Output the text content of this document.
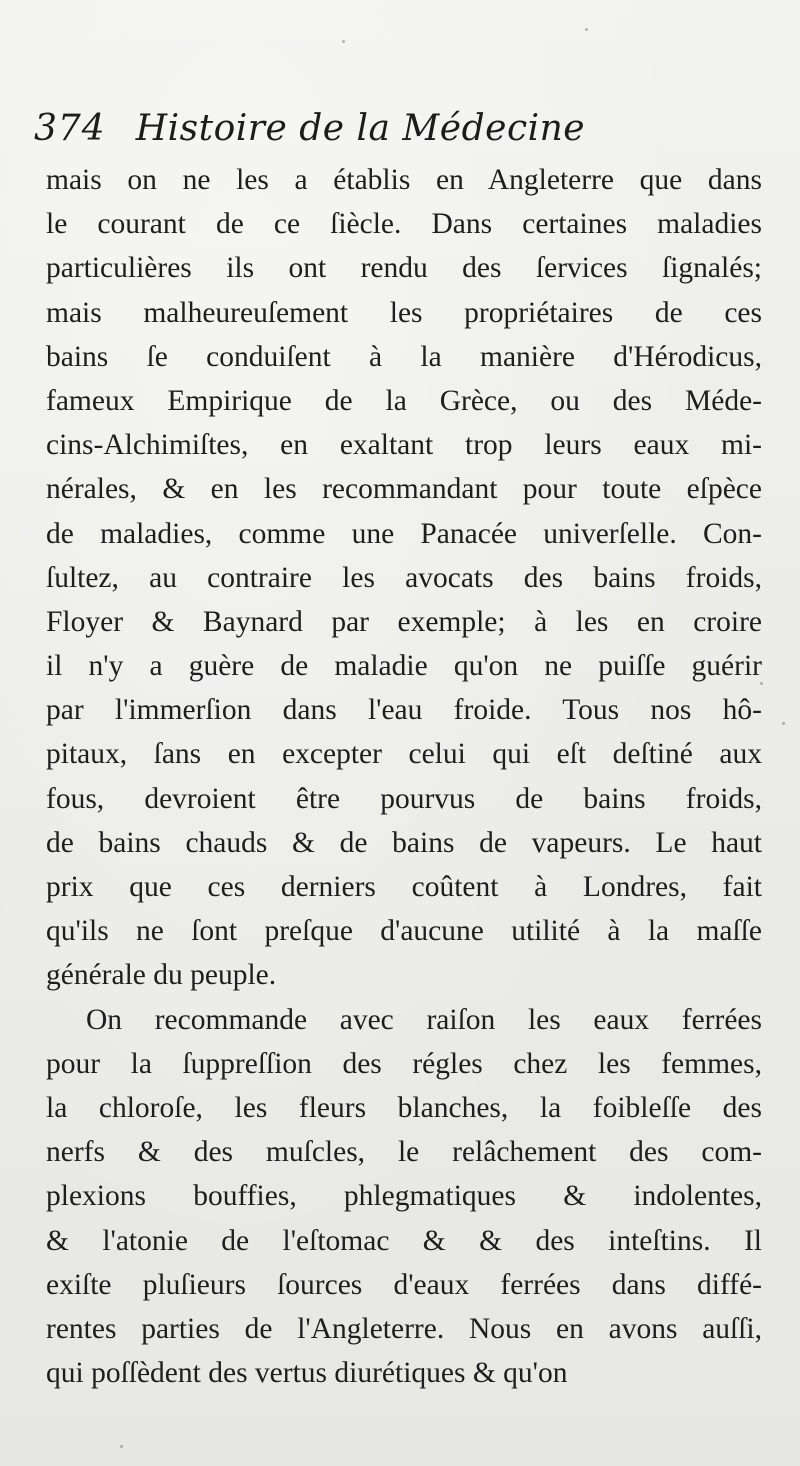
374 Histoire de la Médecine
mais on ne les a établis en Angleterre que dans
le courant de ce ſiècle. Dans certaines maladies
particulières ils ont rendu des ſervices ſignalés;
mais malheureuſement les propriétaires de ces
bains ſe conduiſent à la manière d'Hérodicus,
fameux Empirique de la Grèce, ou des Méde-
cins-Alchimiſtes, en exaltant trop leurs eaux mi-
nérales, & en les recommandant pour toute eſpèce
de maladies, comme une Panacée univerſelle. Con-
ſultez, au contraire les avocats des bains froids,
Floyer & Baynard par exemple; à les en croire
il n'y a guère de maladie qu'on ne puiſſe guérir
par l'immerſion dans l'eau froide. Tous nos hô-
pitaux, ſans en excepter celui qui eſt deſtiné aux
fous, devroient être pourvus de bains froids,
de bains chauds & de bains de vapeurs. Le haut
prix que ces derniers coûtent à Londres, fait
qu'ils ne ſont preſque d'aucune utilité à la maſſe
générale du peuple.
On recommande avec raiſon les eaux ferrées
pour la ſuppreſſion des régles chez les femmes,
la chloroſe, les fleurs blanches, la foibleſſe des
nerfs & des muſcles, le relâchement des com-
plexions bouffies, phlegmatiques & indolentes,
& l'atonie de l'eſtomac & & des inteſtins. Il
exiſte pluſieurs ſources d'eaux ferrées dans diffé-
rentes parties de l'Angleterre. Nous en avons auſſi,
qui poſſèdent des vertus diurétiques & qu'on
